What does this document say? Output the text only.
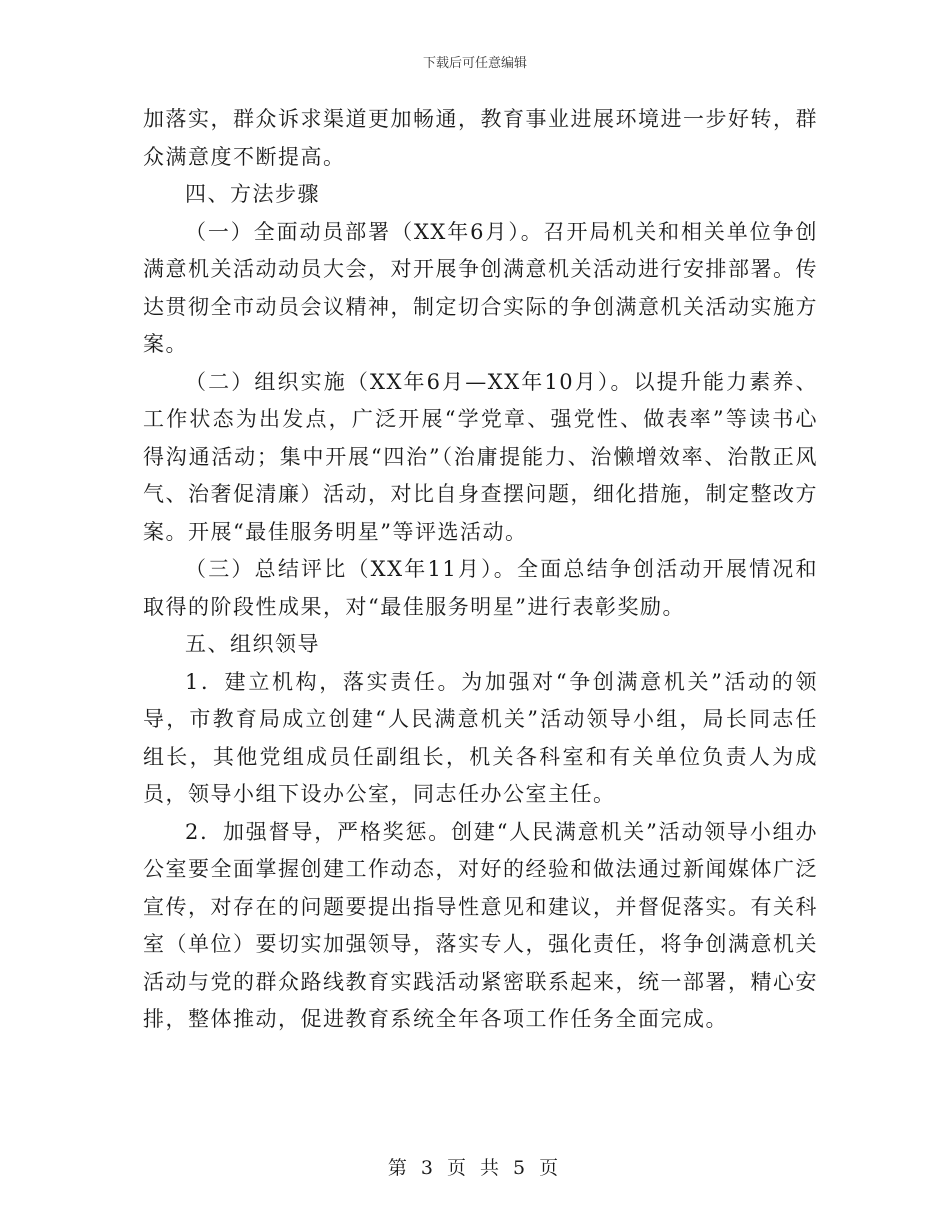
下载后可任意编辑

加落实，群众诉求渠道更加畅通，教育事业进展环境进一步好转，群众满意度不断提高。

四、方法步骤

（一）全面动员部署（XX年6月）。召开局机关和相关单位争创满意机关活动动员大会，对开展争创满意机关活动进行安排部署。传达贯彻全市动员会议精神，制定切合实际的争创满意机关活动实施方案。

（二）组织实施（XX年6月—XX年10月）。以提升能力素养、工作状态为出发点，广泛开展“学党章、强党性、做表率”等读书心得沟通活动；集中开展“四治”（治庸提能力、治懒增效率、治散正风气、治奢促清廉）活动，对比自身查摆问题，细化措施，制定整改方案。开展“最佳服务明星”等评选活动。

（三）总结评比（XX年11月）。全面总结争创活动开展情况和取得的阶段性成果，对“最佳服务明星”进行表彰奖励。

五、组织领导

1．建立机构，落实责任。为加强对“争创满意机关”活动的领导，市教育局成立创建“人民满意机关”活动领导小组，局长同志任组长，其他党组成员任副组长，机关各科室和有关单位负责人为成员，领导小组下设办公室，同志任办公室主任。

2．加强督导，严格奖惩。创建“人民满意机关”活动领导小组办公室要全面掌握创建工作动态，对好的经验和做法通过新闻媒体广泛宣传，对存在的问题要提出指导性意见和建议，并督促落实。有关科室（单位）要切实加强领导，落实专人，强化责任，将争创满意机关活动与党的群众路线教育实践活动紧密联系起来，统一部署，精心安排，整体推动，促进教育系统全年各项工作任务全面完成。

第 3 页 共 5 页
